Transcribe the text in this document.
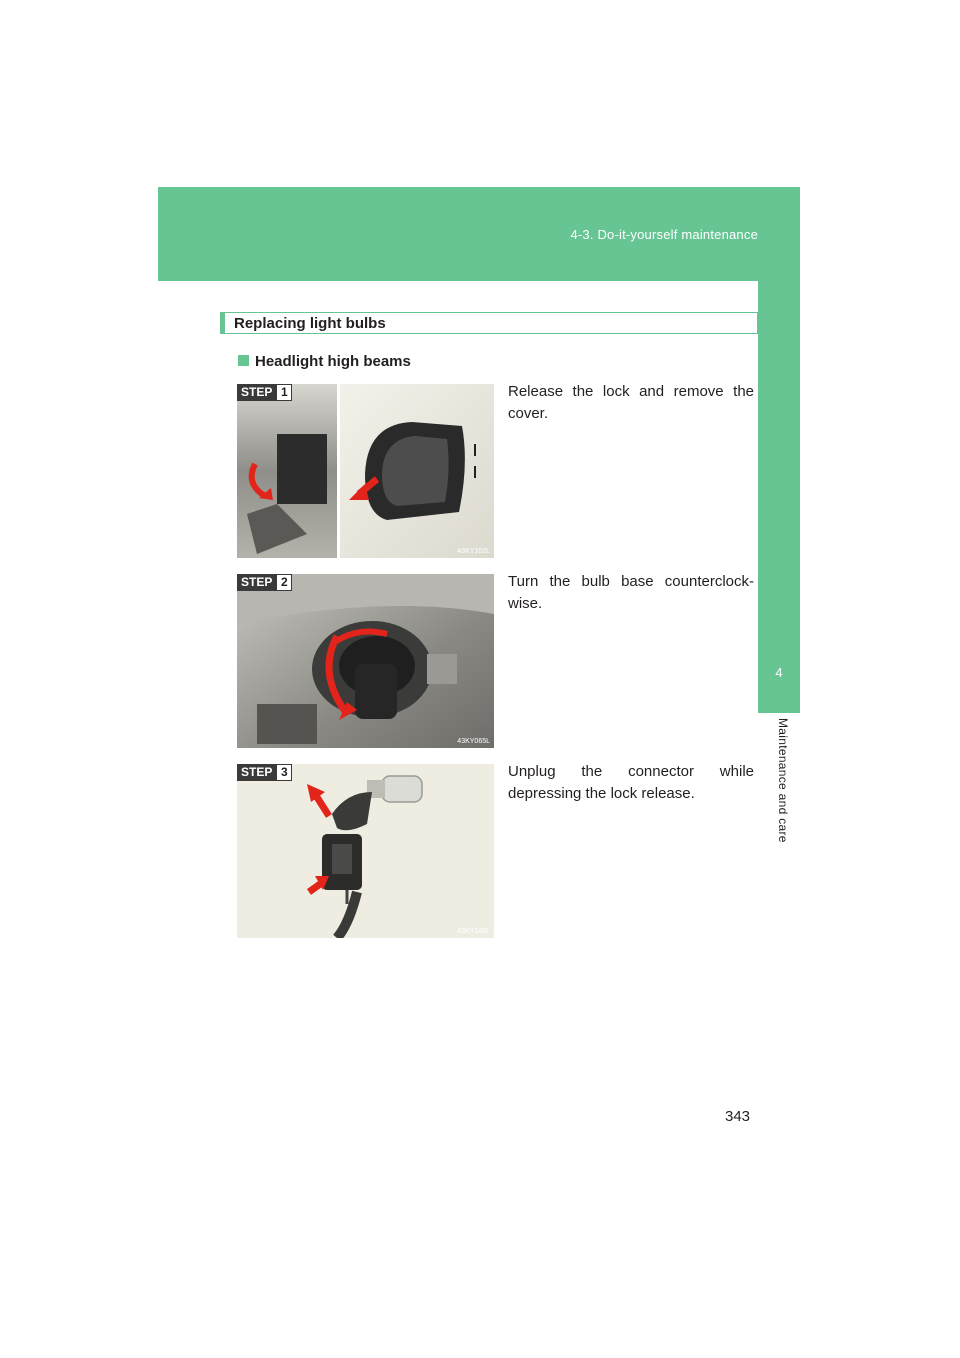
4-3. Do-it-yourself maintenance
4
Maintenance and care
Replacing light bulbs
Headlight high beams
STEP 1
43KY102L
Release the lock and remove the cover.
STEP 2
43KY065L
Turn the bulb base counterclock-wise.
STEP 3
43KY148L
Unplug the connector while depressing the lock release.
343
